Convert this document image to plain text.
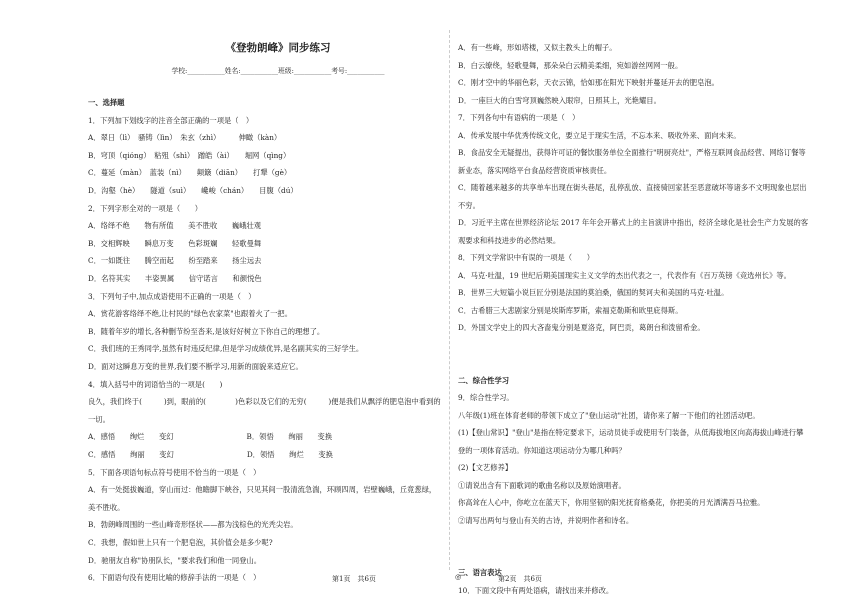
《登勃朗峰》同步练习
学校:___________姓名:___________班级:___________考号:___________
一、选择题
1．下列加下划线字的注音全部正确的一项是（　）
A．翠日（lì）　骚铸（lìn）　朱玄（zhì）　　　伸瞰（kàn）
B．穹顶（qióng）　粘殂（shì）　蹭皓（ài）　　堀网（qìng）
C．蔓延（màn）　蓝装（nì）　　颠簸（diān）　　打犟（gè）
D．沟壑（hè）　　隧道（suì）　　巉峻（chán）　　目腹（dú）
2．下列字形全对的一项是（　　）
A．络绎不绝　　物有所值　　美不胜收　　巍峨壮观
B．交相辉映　　瞬息万变　　色彩斑斓　　轻歌曼舞
C．一如既往　　腾空而起　　纷至踏来　　扬尘远去
D．名符其实　　丰姿異属　　信守诺言　　和颜悦色
3．下列句子中,加点成语使用不正确的一项是（　）
A．赏花游客络绎不绝,让村民的"绿色农家菜"也跟着火了一把。
B．随着年岁的增长,各种删节纷至沓来,是该好好树立下你自己的理想了。
C．我们班的王秀同学,虽然有时违反纪律,但是学习成绩优异,是名副其实的三好学生。
D．面对这瞬息万变的世界,我们要不断学习,用新的面貌来适应它。
4．填入括号中的词语恰当的一项是(　　)
良久，我们终于(　　　)到，眼前的(　　　　)色彩以及它们的无穷(　　　)便是我们从飘浮的肥皂泡中看到的
一切。
A．感悟　　绚烂　　变幻　　　　　　　　　　B．领悟　　绚丽　　变换
C．感悟　　绚丽　　变幻　　　　　　　　　　D．领悟　　绚烂　　变换
5．下面各项语句标点符号使用不恰当的一项是（　）
A．有一处挺拔巍道，穿山而过：他瞻脚下峡谷，只见其间一股清流急湍，环顾四周，岩壁巍峨，丘竟葱绿，
美不胜收。
B．勃朗峰周围的一些山峰奇形怪状——都为浅棕色的光秃尖岩。
C．我想，假如世上只有一个肥皂泡，其价值会是多少呢?
D．驰朋友自称"协朋队长，"要求我们和他一同登山。
6．下面语句没有使用比喻的修辞手法的一项是（　）
A．有一些峰，形如塔楼，又似主教头上的帽子。
B．白云缭绕，轻歌曼舞，那朵朵白云精美柔细，宛如游丝网网一般。
C．刚才空中的华丽色彩，天衣云锦，恰如那在阳光下映射并蔓延开去的肥皂泡。
D．一座巨大的白雪穹顶巍然映入眼帘，日照其上，光艳耀目。
7．下列各句中有语病的一项是（　）
A．传承发展中华优秀传统文化，要立足于现实生活，不忘本来、吸收外来、面向未来。
B．食品安全无疑提出，获得许可证的餐饮服务单位全面推行"明厨亮灶"，严格互联网食品经营、网络订餐等
新业态，落实网络平台食品经营资质审核责任。
C．随着越来越多的共享单车出现在街头巷尾，乱停乱放、直接骑回家甚至恶意破坏等诸多不文明现象也层出
不穷。
D．习近平主席在世界经济论坛 2017 年年会开幕式上的主旨演讲中指出，经济全球化是社会生产力发展的客
观要求和科技进步的必然结果。
8．下列文学常识中有误的一项是（　　）
A．马克·吐温，19 世纪后期美国现实主义文学的杰出代表之一，代表作有《百万英镑《竞选州长》等。
B．世界三大短篇小说巨匠分别是法国的莫泊桑，俄国的契诃夫和美国的马克·吐温。
C．古希腊三大悲剧家分别是埃斯库罗斯，索福克勒斯和欧里庇得斯。
D．外国文学史上的四大吝啬鬼分别是夏洛克，阿巴贡，葛朗台和泼留希金。
二、综合性学习
9．综合性学习。
八年级(1)班在体育老师的带领下成立了"登山运动"社团，请你来了解一下他们的社团活动吧。
(1)【登山常识】"登山"是指在特定要求下，运动员徒手或使用专门装备，从低海拔地区向高海拔山峰进行攀
登的一项体育活动。你知道这项运动分为哪几种吗？
(2)【文艺修养】
①请说出含有下面歌词的歌曲名称以及原始演唱者。
你高耸在人心中，你屹立在蓝天下，你用坚韧的阳光抚育格桑花，你把美的月光洒满吾马拉雅。
②请写出两句与登山有关的古诗，并说明作者和诗名。
三、语言表达
10．下面文段中有两处语病，请找出来并修改。
第1页　共6页	◎	第2页　共6页
